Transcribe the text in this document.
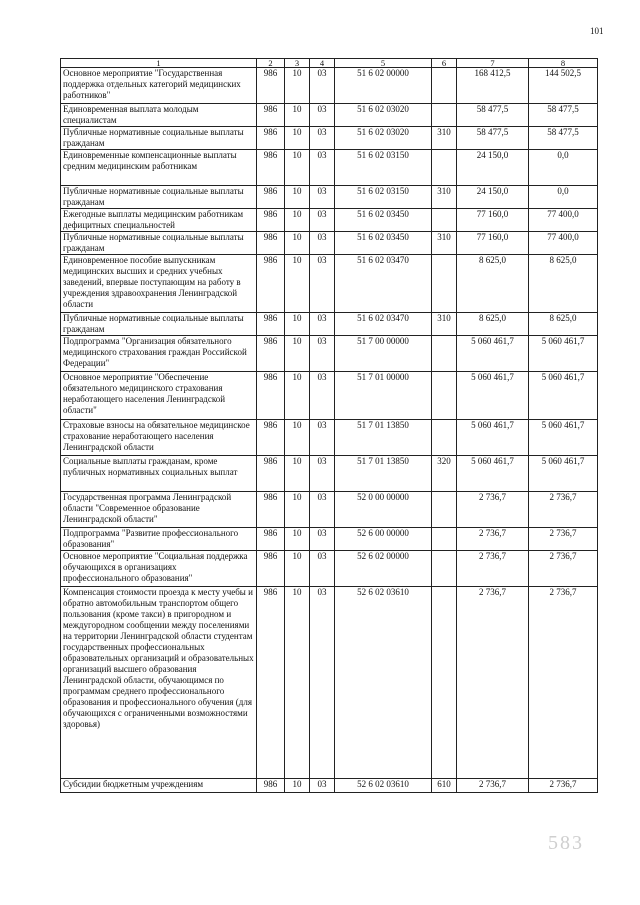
101
1	2	3	4	5	6	7	8
Основное мероприятие "Государственная поддержка отдельных категорий медицинских работников"	986	10	03	51 6 02 00000		168 412,5	144 502,5
Единовременная выплата молодым специалистам	986	10	03	51 6 02 03020		58 477,5	58 477,5
Публичные нормативные социальные выплаты гражданам	986	10	03	51 6 02 03020	310	58 477,5	58 477,5
Единовременные компенсационные выплаты средним медицинским работникам	986	10	03	51 6 02 03150		24 150,0	0,0
Публичные нормативные социальные выплаты гражданам	986	10	03	51 6 02 03150	310	24 150,0	0,0
Ежегодные выплаты медицинским работникам дефицитных специальностей	986	10	03	51 6 02 03450		77 160,0	77 400,0
Публичные нормативные социальные выплаты гражданам	986	10	03	51 6 02 03450	310	77 160,0	77 400,0
Единовременное пособие выпускникам медицинских высших и средних учебных заведений, впервые поступающим на работу в учреждения здравоохранения Ленинградской области	986	10	03	51 6 02 03470		8 625,0	8 625,0
Публичные нормативные социальные выплаты гражданам	986	10	03	51 6 02 03470	310	8 625,0	8 625,0
Подпрограмма "Организация обязательного медицинского страхования граждан Российской Федерации"	986	10	03	51 7 00 00000		5 060 461,7	5 060 461,7
Основное мероприятие "Обеспечение обязательного медицинского страхования неработающего населения Ленинградской области"	986	10	03	51 7 01 00000		5 060 461,7	5 060 461,7
Страховые взносы на обязательное медицинское страхование неработающего населения Ленинградской области	986	10	03	51 7 01 13850		5 060 461,7	5 060 461,7
Социальные выплаты гражданам, кроме публичных нормативных социальных выплат	986	10	03	51 7 01 13850	320	5 060 461,7	5 060 461,7
Государственная программа Ленинградской области "Современное образование Ленинградской области"	986	10	03	52 0 00 00000		2 736,7	2 736,7
Подпрограмма "Развитие профессионального образования"	986	10	03	52 6 00 00000		2 736,7	2 736,7
Основное мероприятие "Социальная поддержка обучающихся в организациях профессионального образования"	986	10	03	52 6 02 00000		2 736,7	2 736,7
Компенсация стоимости проезда к месту учебы и обратно автомобильным транспортом общего пользования (кроме такси) в пригородном и междугородном сообщении между поселениями на территории Ленинградской области студентам государственных профессиональных образовательных организаций и образовательных организаций высшего образования Ленинградской области, обучающимся по программам среднего профессионального образования и профессионального обучения (для обучающихся с ограниченными возможностями здоровья)	986	10	03	52 6 02 03610		2 736,7	2 736,7
Субсидии бюджетным учреждениям	986	10	03	52 6 02 03610	610	2 736,7	2 736,7
583
